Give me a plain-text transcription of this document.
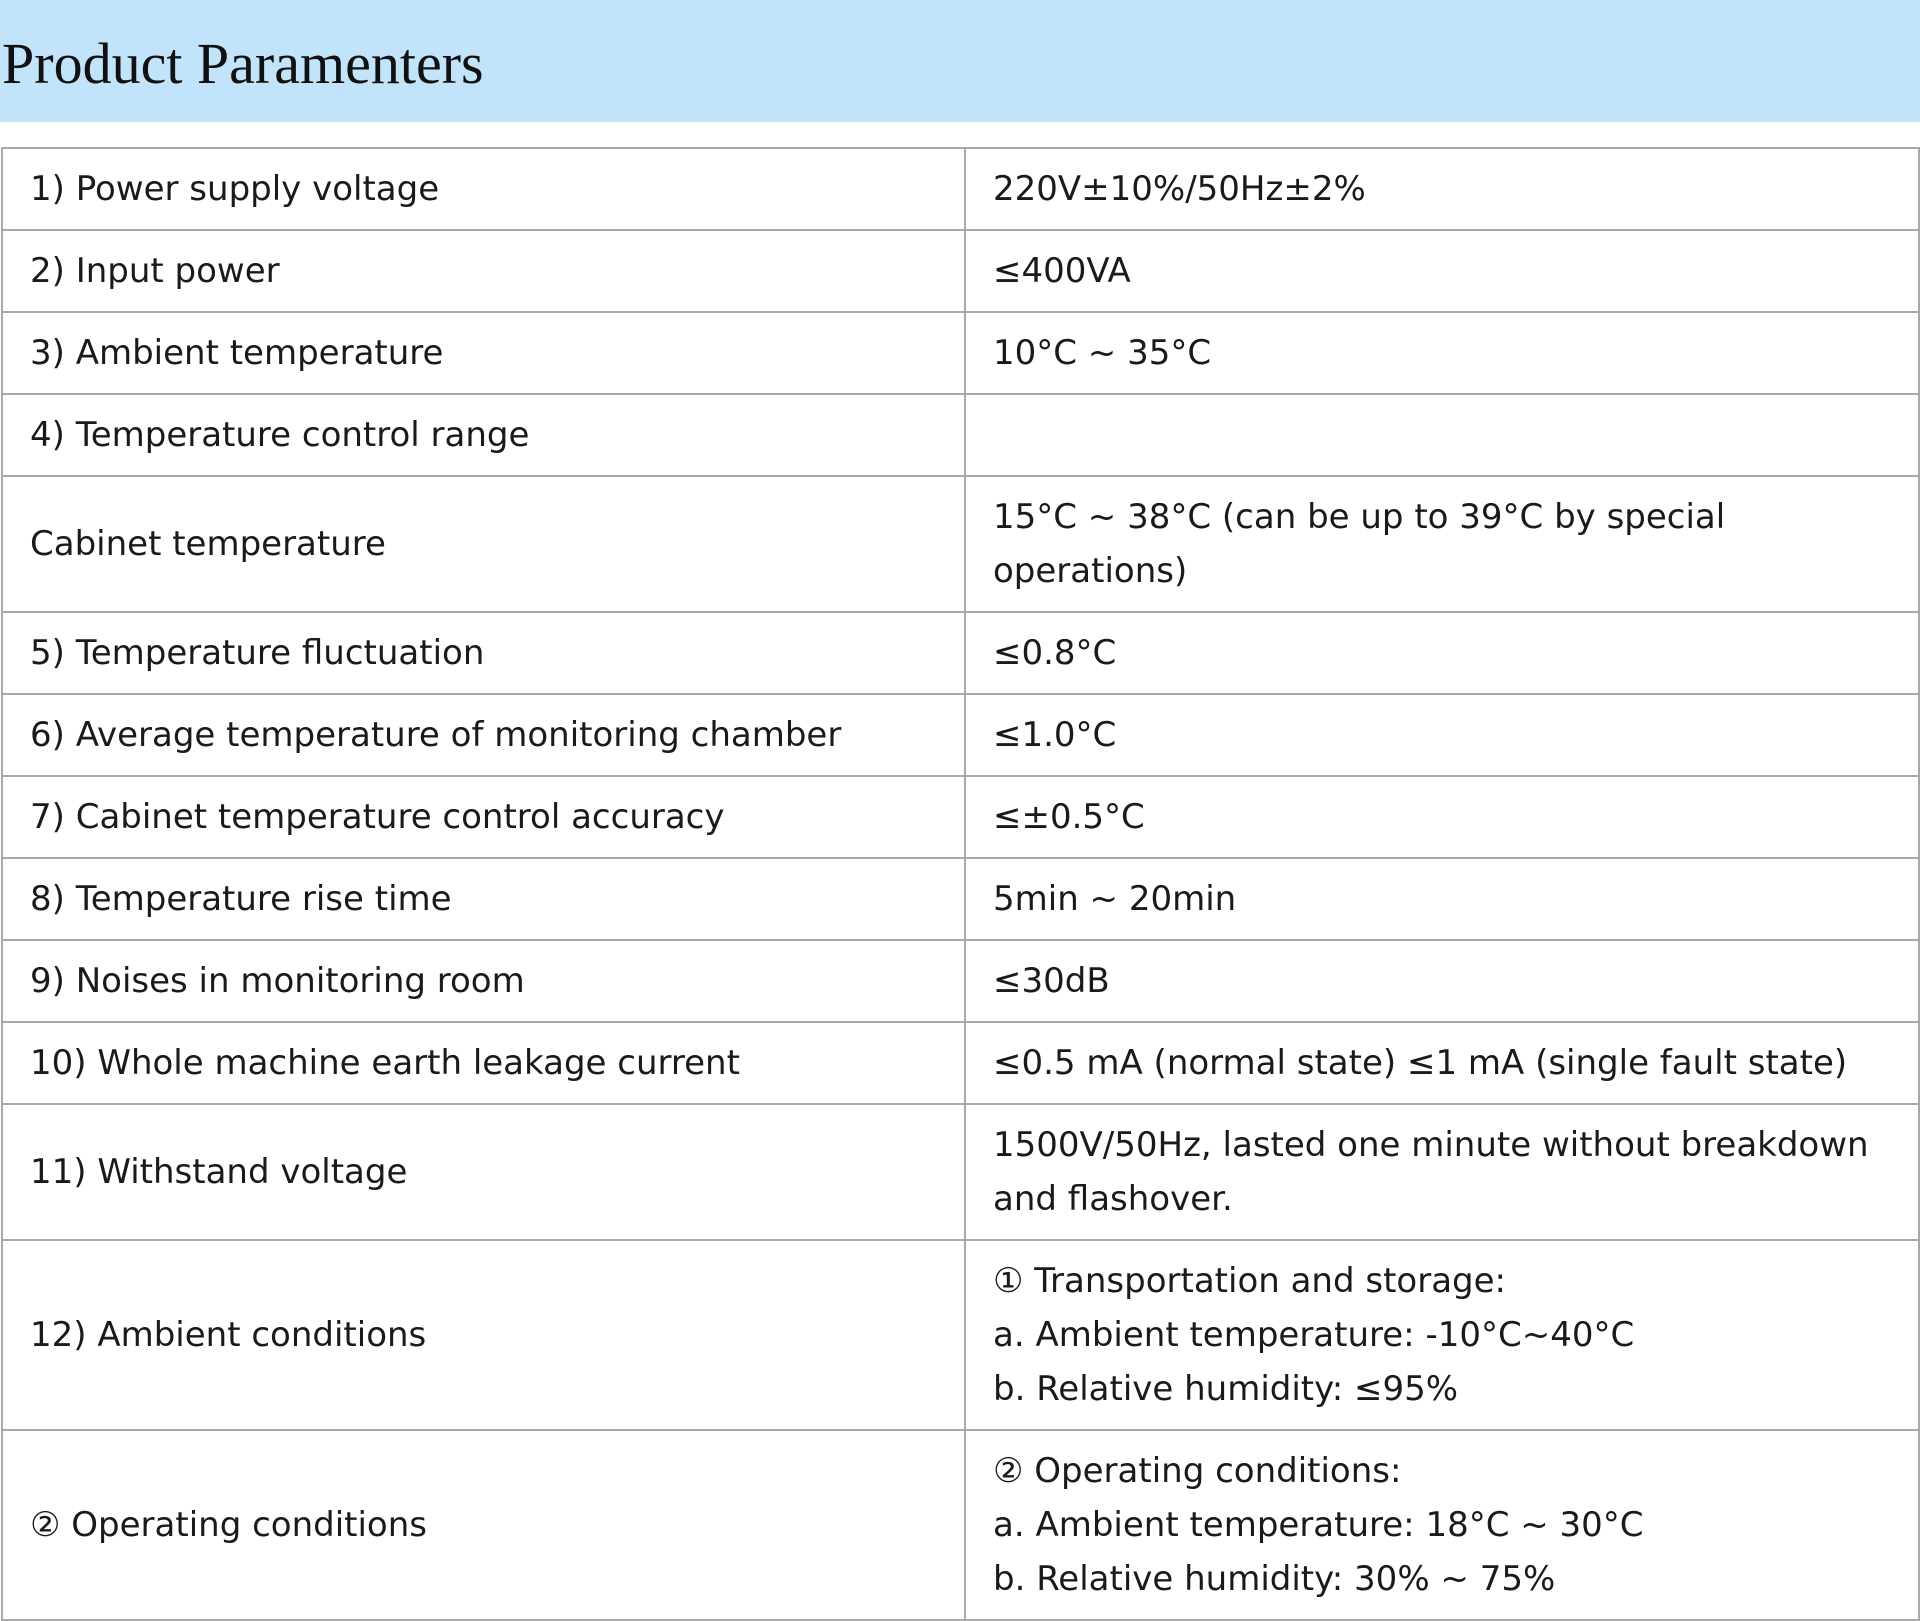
Product Paramenters
1) Power supply voltage	220V±10%/50Hz±2%

2) Input power	≤400VA

3) Ambient temperature	10°C ~ 35°C

4) Temperature control range	

Cabinet temperature	15°C ~ 38°C (can be up to 39°C by special operations)

5) Temperature fluctuation	≤0.8°C

6) Average temperature of monitoring chamber	≤1.0°C

7) Cabinet temperature control accuracy	≤±0.5°C

8) Temperature rise time	5min ~ 20min

9) Noises in monitoring room	≤30dB

10) Whole machine earth leakage current	≤0.5 mA (normal state) ≤1 mA (single fault state)

11) Withstand voltage	1500V/50Hz, lasted one minute without breakdown and flashover.

12) Ambient conditions	① Transportation and storage:
a. Ambient temperature: -10°C~40°C
b. Relative humidity: ≤95%

② Operating conditions	② Operating conditions:
a. Ambient temperature: 18°C ~ 30°C
b. Relative humidity: 30% ~ 75%
